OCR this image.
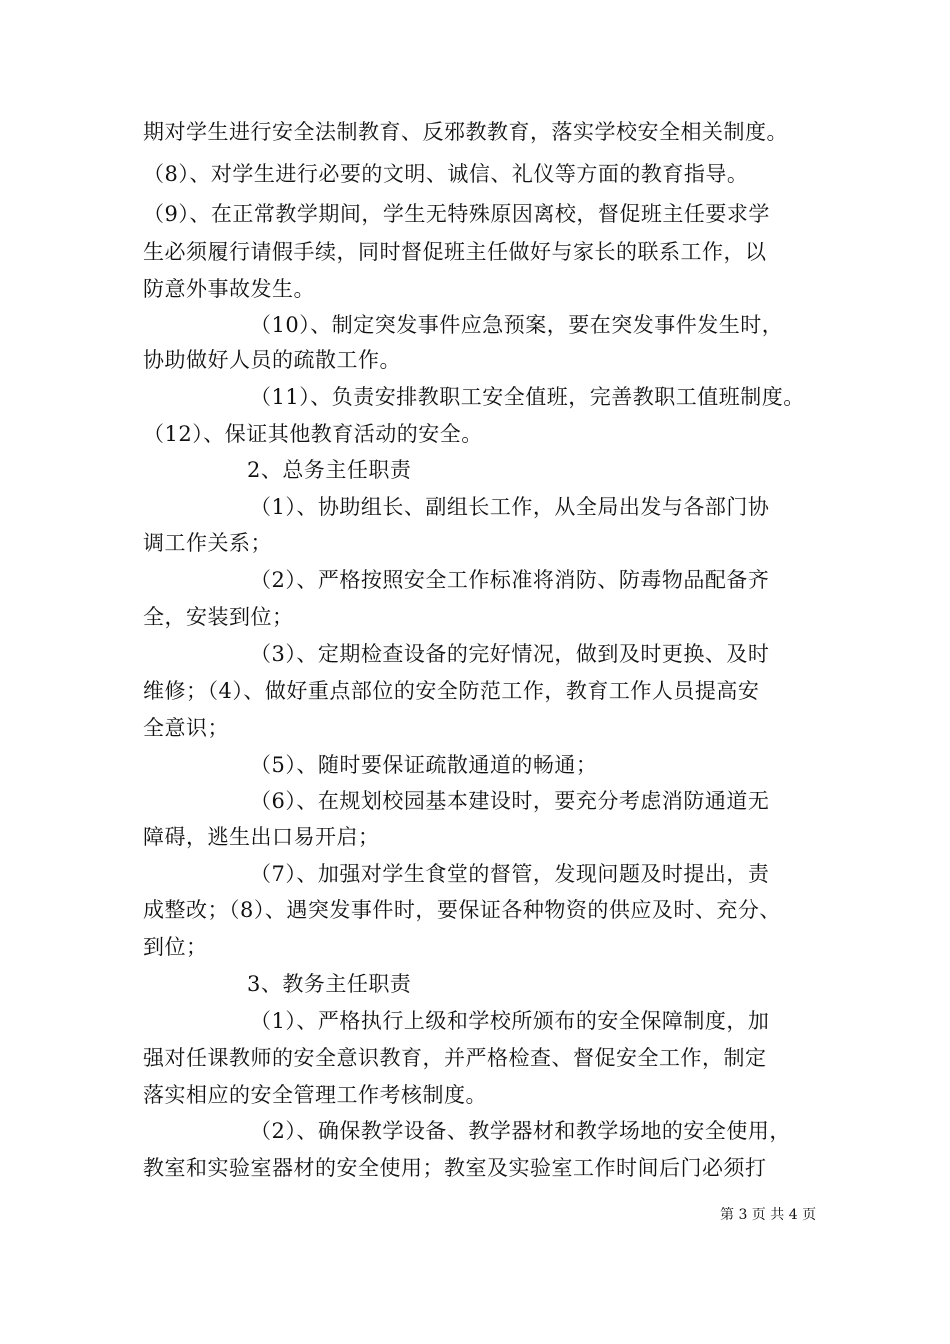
期对学生进行安全法制教育、反邪教教育，落实学校安全相关制度。
（8）、对学生进行必要的文明、诚信、礼仪等方面的教育指导。
（9）、在正常教学期间，学生无特殊原因离校，督促班主任要求学
生必须履行请假手续，同时督促班主任做好与家长的联系工作，以
防意外事故发生。
（10）、制定突发事件应急预案，要在突发事件发生时，
协助做好人员的疏散工作。
（11）、负责安排教职工安全值班，完善教职工值班制度。
（12）、保证其他教育活动的安全。
2、总务主任职责
（1）、协助组长、副组长工作，从全局出发与各部门协
调工作关系；
（2）、严格按照安全工作标准将消防、防毒物品配备齐
全，安装到位；
（3）、定期检查设备的完好情况，做到及时更换、及时
维修；（4）、做好重点部位的安全防范工作，教育工作人员提高安
全意识；
（5）、随时要保证疏散通道的畅通；
（6）、在规划校园基本建设时，要充分考虑消防通道无
障碍，逃生出口易开启；
（7）、加强对学生食堂的督管，发现问题及时提出，责
成整改；（8）、遇突发事件时，要保证各种物资的供应及时、充分、
到位；
3、教务主任职责
（1）、严格执行上级和学校所颁布的安全保障制度，加
强对任课教师的安全意识教育，并严格检查、督促安全工作，制定
落实相应的安全管理工作考核制度。
（2）、确保教学设备、教学器材和教学场地的安全使用，
教室和实验室器材的安全使用；教室及实验室工作时间后门必须打
第 3 页 共 4 页
